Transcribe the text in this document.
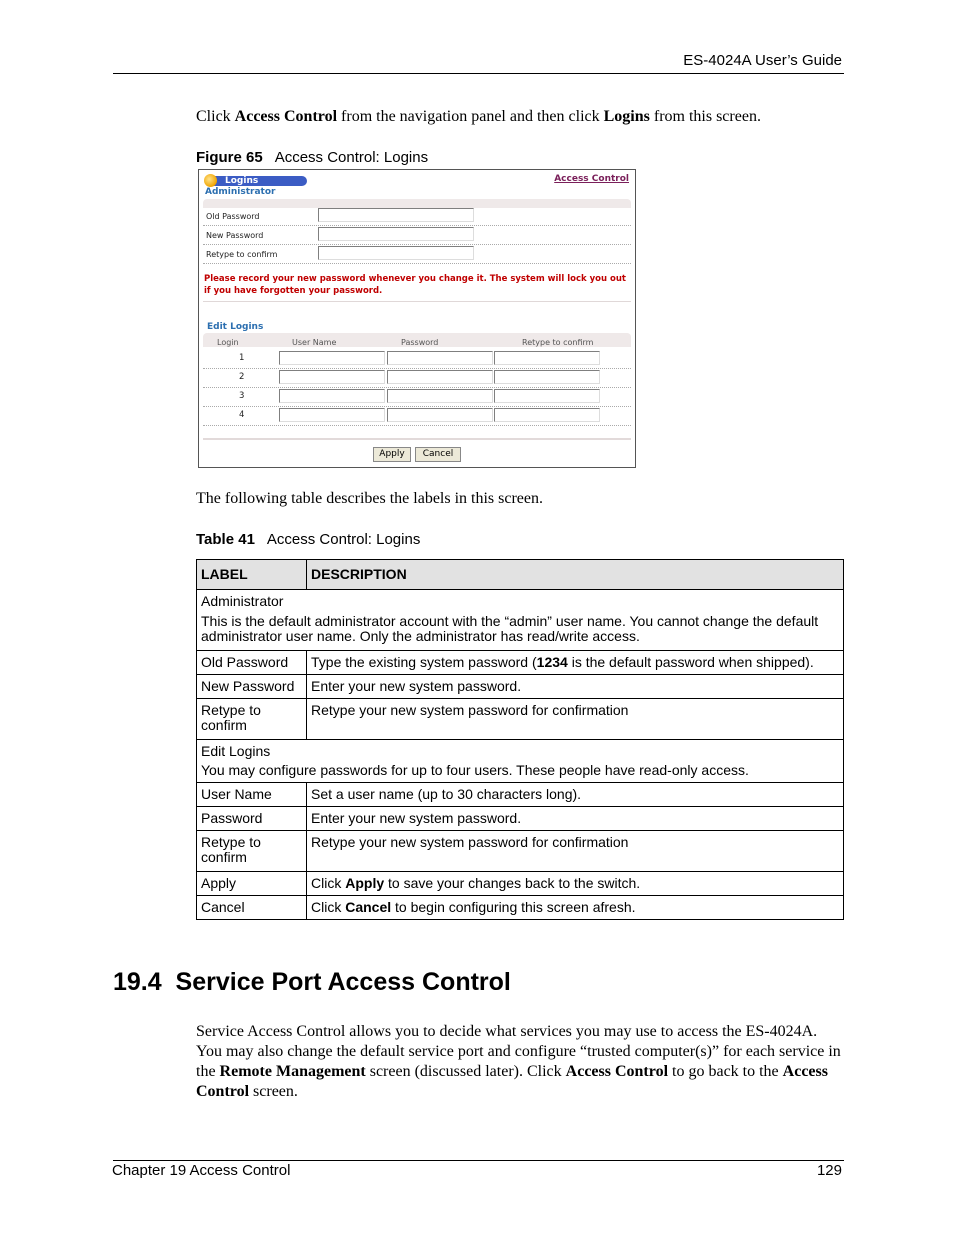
ES-4024A User’s Guide
Click Access Control from the navigation panel and then click Logins from this screen.
Figure 65 Access Control: Logins
Logins	Access Control
Administrator
Old Password
New Password
Retype to confirm
Please record your new password whenever you change it. The system will lock you out if you have forgotten your password.
Edit Logins
Login	User Name	Password	Retype to confirm
1
2
3
4
Apply	Cancel
The following table describes the labels in this screen.
Table 41 Access Control: Logins
LABEL	DESCRIPTION

Administrator

This is the default administrator account with the “admin” user name. You cannot change the default administrator user name. Only the administrator has read/write access.	

Old Password	Type the existing system password (1234 is the default password when shipped).
New Password	Enter your new system password.
Retype to confirm	Retype your new system password for confirmation

Edit Logins

You may configure passwords for up to four users. These people have read-only access.	

User Name	Set a user name (up to 30 characters long).
Password	Enter your new system password.
Retype to confirm	Retype your new system password for confirmation
Apply	Click Apply to save your changes back to the switch.
Cancel	Click Cancel to begin configuring this screen afresh.
19.4  Service Port Access Control
Service Access Control allows you to decide what services you may use to access the ES-4024A. You may also change the default service port and configure “trusted computer(s)” for each service in the Remote Management screen (discussed later). Click Access Control to go back to the Access Control screen.
Chapter 19 Access Control	129
